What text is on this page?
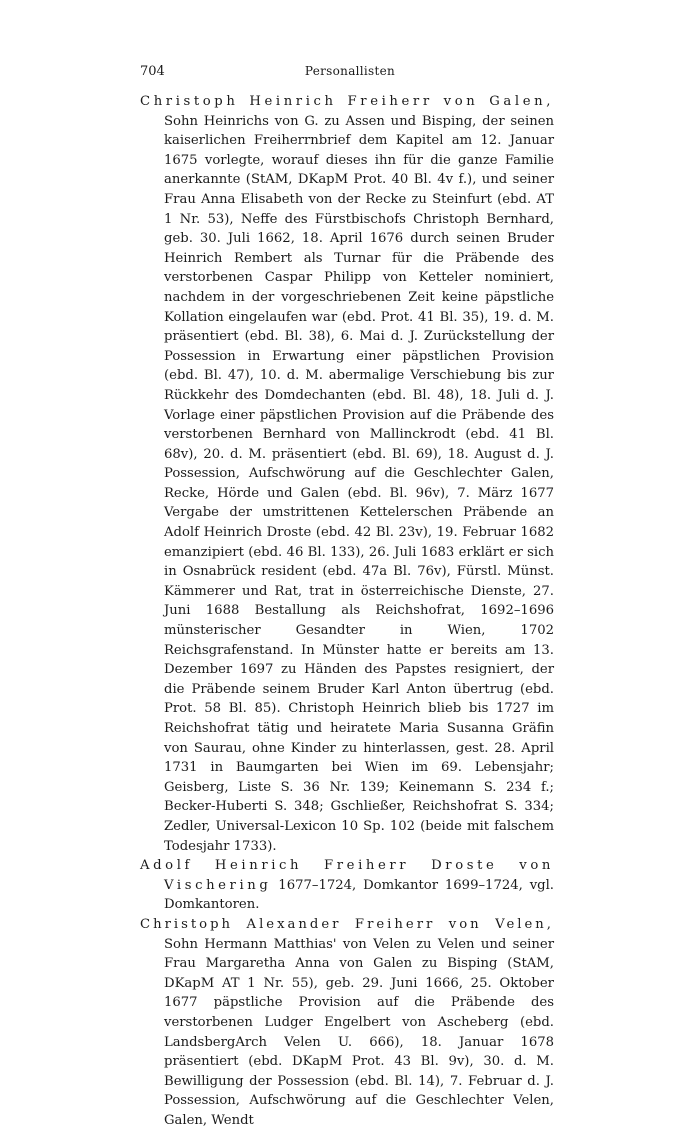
704	Personallisten

Christoph Heinrich Freiherr von Galen, Sohn Heinrichs von G. zu Assen und Bisping, der seinen kaiserlichen Freiherrnbrief dem Kapitel am 12. Januar 1675 vorlegte, worauf dieses ihn für die ganze Familie anerkannte (StAM, DKapM Prot. 40 Bl. 4v f.), und seiner Frau Anna Elisabeth von der Recke zu Steinfurt (ebd. AT 1 Nr. 53), Neffe des Fürstbischofs Christoph Bernhard, geb. 30. Juli 1662, 18. April 1676 durch seinen Bruder Heinrich Rembert als Turnar für die Präbende des verstorbenen Caspar Philipp von Ketteler nominiert, nachdem in der vorgeschriebenen Zeit keine päpstliche Kollation eingelaufen war (ebd. Prot. 41 Bl. 35), 19. d. M. präsentiert (ebd. Bl. 38), 6. Mai d. J. Zurückstellung der Possession in Erwartung einer päpstlichen Provision (ebd. Bl. 47), 10. d. M. abermalige Verschiebung bis zur Rückkehr des Domdechanten (ebd. Bl. 48), 18. Juli d. J. Vorlage einer päpstlichen Provision auf die Präbende des verstorbenen Bernhard von Mallinckrodt (ebd. 41 Bl. 68v), 20. d. M. präsentiert (ebd. Bl. 69), 18. August d. J. Possession, Aufschwörung auf die Geschlechter Galen, Recke, Hörde und Galen (ebd. Bl. 96v), 7. März 1677 Vergabe der umstrittenen Kettelerschen Präbende an Adolf Heinrich Droste (ebd. 42 Bl. 23v), 19. Februar 1682 emanzipiert (ebd. 46 Bl. 133), 26. Juli 1683 erklärt er sich in Osnabrück resident (ebd. 47a Bl. 76v), Fürstl. Münst. Kämmerer und Rat, trat in österreichische Dienste, 27. Juni 1688 Bestallung als Reichshofrat, 1692–1696 münsterischer Gesandter in Wien, 1702 Reichsgrafenstand. In Münster hatte er bereits am 13. Dezember 1697 zu Händen des Papstes resigniert, der die Präbende seinem Bruder Karl Anton übertrug (ebd. Prot. 58 Bl. 85). Christoph Heinrich blieb bis 1727 im Reichshofrat tätig und heiratete Maria Susanna Gräfin von Saurau, ohne Kinder zu hinterlassen, gest. 28. April 1731 in Baumgarten bei Wien im 69. Lebensjahr; Geisberg, Liste S. 36 Nr. 139; Keinemann S. 234 f.; Becker-Huberti S. 348; Gschließer, Reichshofrat S. 334; Zedler, Universal-Lexicon 10 Sp. 102 (beide mit falschem Todesjahr 1733).

Adolf Heinrich Freiherr Droste von Vischering 1677–1724, Domkantor 1699–1724, vgl. Domkantoren.

Christoph Alexander Freiherr von Velen, Sohn Hermann Matthias' von Velen zu Velen und seiner Frau Margaretha Anna von Galen zu Bisping (StAM, DKapM AT 1 Nr. 55), geb. 29. Juni 1666, 25. Oktober 1677 päpstliche Provision auf die Präbende des verstorbenen Ludger Engelbert von Ascheberg (ebd. LandsbergArch Velen U. 666), 18. Januar 1678 präsentiert (ebd. DKapM Prot. 43 Bl. 9v), 30. d. M. Bewilligung der Possession (ebd. Bl. 14), 7. Februar d. J. Possession, Aufschwörung auf die Geschlechter Velen, Galen, Wendt
